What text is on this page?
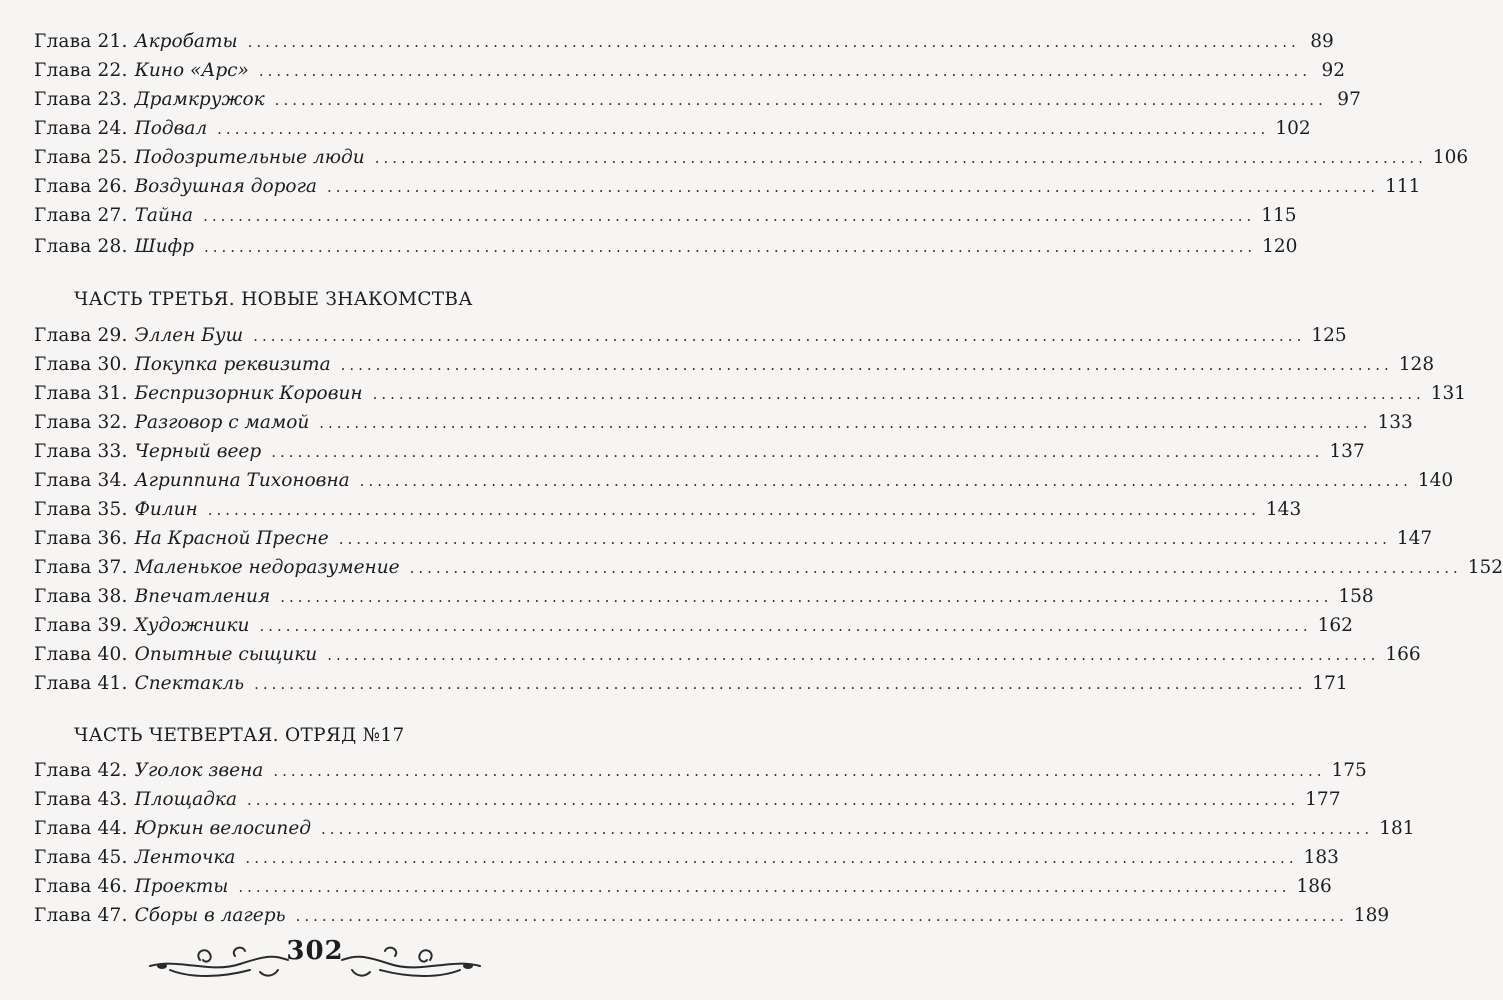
Глава 21. Акробаты ........................................................................................................................ 89
Глава 22. Кино «Арс» ........................................................................................................................ 92
Глава 23. Драмкружок ........................................................................................................................ 97
Глава 24. Подвал ........................................................................................................................ 102
Глава 25. Подозрительные люди ........................................................................................................................ 106
Глава 26. Воздушная дорога ........................................................................................................................ 111
Глава 27. Тайна ........................................................................................................................ 115
Глава 28. Шифр ........................................................................................................................ 120
ЧАСТЬ ТРЕТЬЯ. НОВЫЕ ЗНАКОМСТВА
Глава 29. Эллен Буш ........................................................................................................................ 125
Глава 30. Покупка реквизита ........................................................................................................................ 128
Глава 31. Беспризорник Коровин ........................................................................................................................ 131
Глава 32. Разговор с мамой ........................................................................................................................ 133
Глава 33. Черный веер ........................................................................................................................ 137
Глава 34. Агриппина Тихоновна ........................................................................................................................ 140
Глава 35. Филин ........................................................................................................................ 143
Глава 36. На Красной Пресне ........................................................................................................................ 147
Глава 37. Маленькое недоразумение ........................................................................................................................ 152
Глава 38. Впечатления ........................................................................................................................ 158
Глава 39. Художники ........................................................................................................................ 162
Глава 40. Опытные сыщики ........................................................................................................................ 166
Глава 41. Спектакль ........................................................................................................................ 171
ЧАСТЬ ЧЕТВЕРТАЯ. ОТРЯД №17
Глава 42. Уголок звена ........................................................................................................................ 175
Глава 43. Площадка ........................................................................................................................ 177
Глава 44. Юркин велосипед ........................................................................................................................ 181
Глава 45. Ленточка ........................................................................................................................ 183
Глава 46. Проекты ........................................................................................................................ 186
Глава 47. Сборы в лагерь ........................................................................................................................ 189
302
